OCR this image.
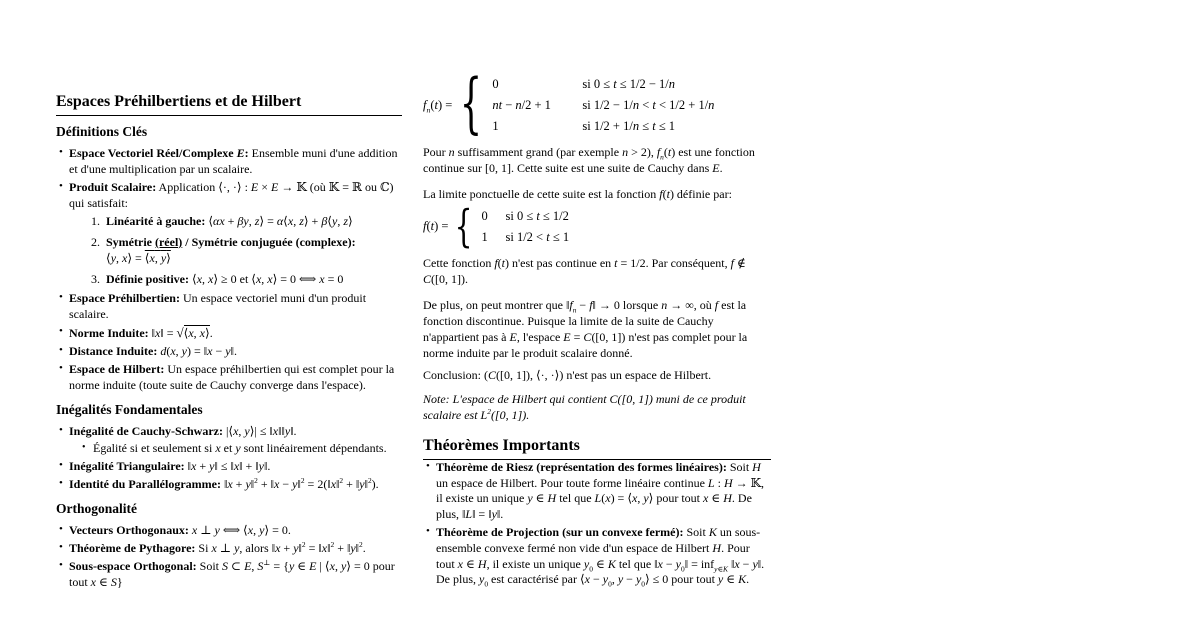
Espaces Préhilbertiens et de Hilbert
Définitions Clés
• Espace Vectoriel Réel/Complexe E: Ensemble muni d'une addition et d'une multiplication par un scalaire.
• Produit Scalaire: Application ⟨·, ·⟩ : E × E → 𝕂 (où 𝕂 = ℝ ou ℂ) qui satisfait:
1. Linéarité à gauche: ⟨αx + βy, z⟩ = α⟨x, z⟩ + β⟨y, z⟩
2. Symétrie (réel) / Symétrie conjuguée (complexe):
⟨y, x⟩ = ⟨x, y⟩
3. Définie positive: ⟨x, x⟩ ≥ 0 et ⟨x, x⟩ = 0 ⟺ x = 0
• Espace Préhilbertien: Un espace vectoriel muni d'un produit scalaire.
• Norme Induite: ‖x‖ = √⟨x, x⟩.
• Distance Induite: d(x, y) = ‖x − y‖.
• Espace de Hilbert: Un espace préhilbertien qui est complet pour la norme induite (toute suite de Cauchy converge dans l'espace).
Inégalités Fondamentales
• Inégalité de Cauchy-Schwarz: |⟨x, y⟩| ≤ ‖x‖‖y‖.
• Égalité si et seulement si x et y sont linéairement dépendants.
• Inégalité Triangulaire: ‖x + y‖ ≤ ‖x‖ + ‖y‖.
• Identité du Parallélogramme: ‖x + y‖$^2$ + ‖x − y‖$^2$ = 2(‖x‖$^2$ + ‖y‖$^2$).
Orthogonalité
• Vecteurs Orthogonaux: x ⊥ y ⟺ ⟨x, y⟩ = 0.
• Théorème de Pythagore: Si x ⊥ y, alors ‖x + y‖$^2$ = ‖x‖$^2$ + ‖y‖$^2$.
• Sous-espace Orthogonal: Soit S ⊂ E, S⊥ = {y ∈ E | ⟨x, y⟩ = 0 pour tout x ∈ S}
$f_n(t)$ = { 0	si 0 ≤ t ≤ 1/2 − 1/n
nt − n/2 + 1	si 1/2 − 1/n < t < 1/2 + 1/n
1	si 1/2 + 1/n ≤ t ≤ 1
Pour n suffisamment grand (par exemple n > 2), $f_n(t)$ est une fonction continue sur [0, 1]. Cette suite est une suite de Cauchy dans E.
La limite ponctuelle de cette suite est la fonction f(t) définie par:
f(t) = { 0	si 0 ≤ t ≤ 1/2
1	si 1/2 < t ≤ 1
Cette fonction f(t) n'est pas continue en t = 1/2. Par conséquent, f ∉ C([0, 1]).
De plus, on peut montrer que $‖f_n$ − f‖ → 0 lorsque n → ∞, où f est la fonction discontinue. Puisque la limite de la suite de Cauchy n'appartient pas à E, l'espace E = C([0, 1]) n'est pas complet pour la norme induite par le produit scalaire donné.
Conclusion: (C([0, 1]), ⟨·, ·⟩) n'est pas un espace de Hilbert.
Note: L'espace de Hilbert qui contient C([0, 1]) muni de ce produit scalaire est $L^2([0$, 1]).
Théorèmes Importants
• Théorème de Riesz (représentation des formes linéaires): Soit H un espace de Hilbert. Pour toute forme linéaire continue L : H → 𝕂, il existe un unique y ∈ H tel que L(x) = ⟨x, y⟩ pour tout x ∈ H. De plus, ‖L‖ = ‖y‖.
• Théorème de Projection (sur un convexe fermé): Soit K un sous-ensemble convexe fermé non vide d'un espace de Hilbert H. Pour tout x ∈ H, il existe un unique $y_0$ ∈ K tel que ‖x − $y_0‖ = inf_{y\in K}$ ‖x − y‖. De plus, $y_0$ est caractérisé par ⟨x − $y_0$, $y - y_0⟩ \le 0$ pour tout y ∈ K.
